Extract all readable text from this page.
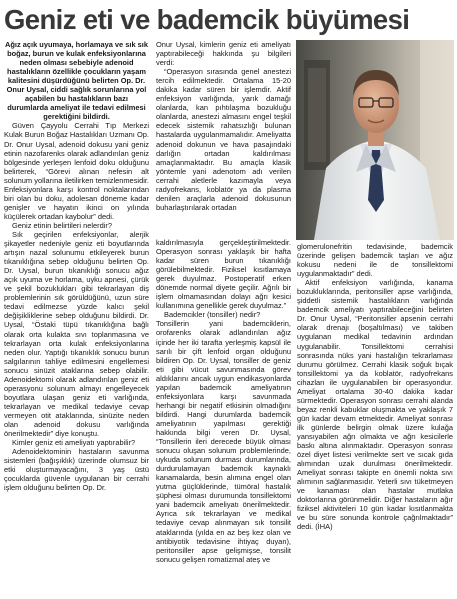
Geniz eti ve bademcik büyümesi

Ağız açık uyumaya, horlamaya ve sık sık boğaz, burun ve kulak enfeksiyonlarına neden olması sebebiyle adenoid hastalıkların özellikle çocukların yaşam kalitesini düşürdüğünü belirten Op. Dr. Onur Uysal, ciddi sağlık sorunlarına yol açabilen bu hastalıkların bazı durumlarda ameliyat ile tedavi edilmesi gerektiğini bildirdi.

Güven Çayyolu Cerrahi Tıp Merkezi Kulak Burun Boğaz Hastalıkları Uzmanı Op. Dr. Onur Uysal, adenoid dokusu yani geniz etinin nazofarenks olarak adlandırılan geniz bölgesinde yerleşen lenfoid doku olduğunu belirterek, “Görevi alınan nefesin alt solunum yollarına iletilirken temizlenmesidir. Enfeksiyonlara karşı kontrol noktalarından biri olan bu doku, adolesan döneme kadar genişler ve hayatın ikinci on yılında küçülerek ortadan kaybolur” dedi.

Geniz etinin belirtileri nelerdir?

Sık geçirilen enfeksiyonlar, alerjik şikayetler nedeniyle geniz eti boyutlarında artışın nazal solunumu etkileyerek burun tıkanıklığına sebep olduğunu belirten Op. Dr. Uysal, burun tıkanıklığı sonucu ağız açık uyuma ve horlama, uyku apnesi, çürük ve şekil bozuklukları gibi tekrarlayan diş problemlerinin sık görüldüğünü, uzun süre tedavi edilmezse yüzde kalıcı şekil değişikliklerine sebep olduğunu bildirdi. Dr. Uysal, “Östaki tüpü tıkanıklığına bağlı olarak orta kulakta sıvı toplanmasına ve tekrarlayan orta kulak enfeksiyonlarına neden olur. Yaptığı tıkanıklık sonucu burun salgılarının tahliye edilmesini engellemesi sonucu sinüzit ataklarına sebep olabilir. Adenoidektomi olarak adlandırılan geniz eti operasyonu solunum almayı engelleyecek boyutlara ulaşan geniz eti varlığında, tekrarlayan ve medikal tedaviye cevap vermeyen otit ataklarında, sinüzite neden olan adenoid dokusu varlığında önerilmektedir” diye konuştu.

Kimler geniz eti ameliyatı yaptırabilir?

Adenoidektominin hastaların savunma sistemleri (bağışıklık) üzerinde olumsuz bir etki oluşturmayacağını, 3 yaş üstü çocuklarda güvenle uygulanan bir cerrahi işlem olduğunu belirten Op. Dr.

Onur Uysal, kimlerin geniz eti ameliyatı yaptırabileceği hakkında şu bilgileri verdi:

“Operasyon sırasında genel anestezi tercih edilmektedir. Ortalama 15-20 dakika kadar süren bir işlemdir. Aktif enfeksiyon varlığında, yarık damağı olanlarda, kan pıhtılaşma bozukluğu olanlarda, anestezi almasını engel teşkil edecek sistemik rahatsızlığı bulunan hastalarda uygulanmamalıdır. Ameliyatta adenoid dokunun ve hava pasajındaki darlığın ortadan kaldırılması amaçlanmaktadır. Bu amaçla klasik yöntemle yani adenotom adı verilen cerrahi aletlerle kazımayla veya radyofrekans, koblatör ya da plasma denilen araçlarla adenoid dokusunun buharlaştırılarak ortadan

kaldırılmasıyla gerçekleştirilmektedir. Operasyon sonrası yaklaşık bir hafta kadar süren burun tıkanıklığı görülebilmektedir. Fiziksel kısıtlamaya gerek duyulmaz. Postoperatif erken dönemde normal diyete geçilir. Ağrılı bir işlem olmamasından dolayı ağrı kesici kullanımına genellikle gerek duyulmaz.”

Bademcikler (tonsiller) nedir?

Tonsillerin yani bademciklerin, orofarenks olarak adlandırılan ağız içinde her iki tarafta yerleşmiş kapsül ile sarılı bir çift lenfoid organ olduğunu bildiren Op. Dr. Uysal, tonsiller de geniz eti gibi vücut savunmasında görev aldıklarını ancak uygun endikasyonlarda yapılan bademcik ameliyatının enfeksiyonlara karşı savunmada herhangi bir negatif etkisinin olmadığını bildirdi. Hangi durumlarda bademcik ameliyatının yapılması gerektiği hakkında bilgi veren Dr. Uysal, “Tonsillerin ileri derecede büyük olması sonucu oluşan solunum problemlerinde, uykuda solunum durması durumlarında, durdurulamayan bademcik kaynaklı kanamalarda, besin alımına engel olan yutma güçlüklerinde, tümöral hastalık şüphesi olması durumunda tonsillektomi yani bademcik ameliyatı önerilmektedir. Ayrıca sık tekrarlayan ve medikal tedaviye cevap alınmayan sık tonsilit ataklarında (yılda en az beş kez olan ve antibiyotik tedavisine ihtiyaç duyan), peritonsiller apse gelişmişse, tonsilit sonucu gelişen romatizmal ateş ve

glomerulonefritin tedavisinde, bademcik üzerinde gelişen bademcik taşları ve ağız kokusu nedeni ile de tonsillektomi uygulanmaktadır” dedi.

Aktif enfeksiyon varlığında, kanama bozukluklarında, peritonsiller apse varlığında, şiddetli sistemik hastalıkların varlığında bademcik ameliyatı yaptırabileceğini belirten Dr. Onur Uysal, “Peritonsiller apsenin cerrahi olarak drenajı (boşaltılması) ve takiben uygulanan medikal tedavinin ardından uygulanabilir. Tonsillektomi cerrahisi sonrasında nüks yani hastalığın tekrarlaması durumu görülmez. Cerrahi klasik soğuk bıçak tonsillektomi ya da koblatör, radyofrekans cihazları ile uygulanabilen bir operasyondur. Ameliyat ortalama 30-40 dakika kadar sürmektedir. Operasyon sonrası cerrahi alanda beyaz renkli kabuklar oluşmakta ve yaklaşık 7 gün kadar devam etmektedir. Ameliyat sonrası ilk günlerde belirgin olmak üzere kulağa yansıyabilen ağrı olmakta ve ağrı kesicilerle baskı altına alınmaktadır. Operasyon sonrası özel diyet listesi verilmekte sert ve sıcak gıda alımından uzak durulması önerilmektedir. Ameliyat sonrası takipte en önemli nokta sıvı alımının sağlanmasıdır. Yeterli sıvı tüketmeyen ve kanaması olan hastalar mutlaka doktorlarına görünmelidir. Diğer hastaların ağır fiziksel aktiviteleri 10 gün kadar kısıtlanmakta ve bu süre sonunda kontrole çağrılmaktadır” dedi. (İHA)
